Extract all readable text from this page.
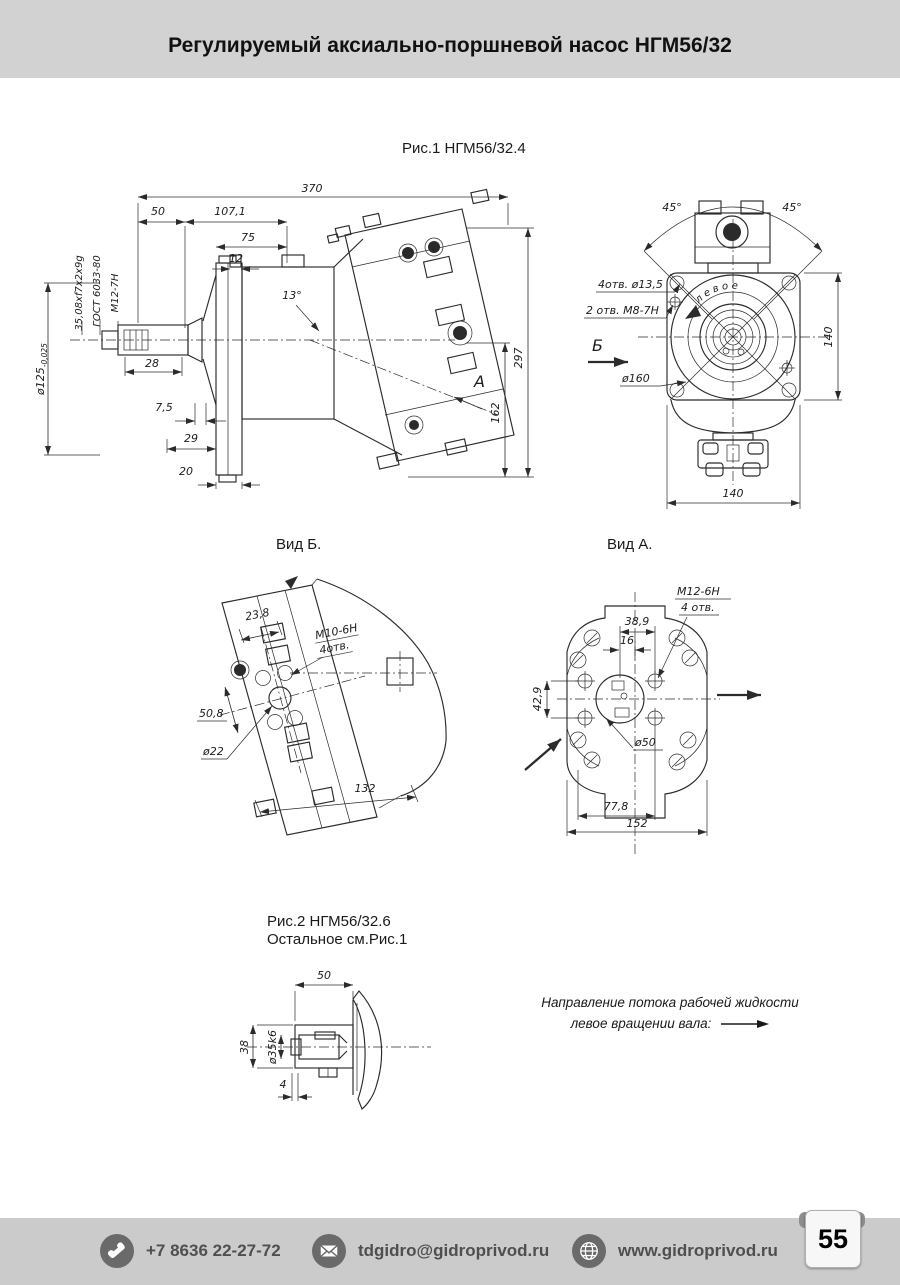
Регулируемый аксиально-поршневой насос НГМ56/32
Рис.1 НГМ56/32.4
370
50	107,1
75
12
28
13°
7,5
29
20
297
162
$ø125_{-0,025}$
35,08xf7x2x9g ГОСТ 6033-80 М12-7Н
А
левое
45°	45°
140
140
4отв. ø13,5
2 отв. М8-7Н
ø160
Б
Вид Б.	Вид А.
23,8
М10-6Н
4отв.
50,8
ø22
132
38,9
16
42,9
ø50
77,8
152
М12-6Н
4 отв.
Рис.2 НГМ56/32.6
Остальное см.Рис.1
50
38 ø35k6
4
Направление потока рабочей жидкости
левое вращении вала:
+7 8636 22-27-72	tdgidro@gidroprivod.ru	www.gidroprivod.ru 55
